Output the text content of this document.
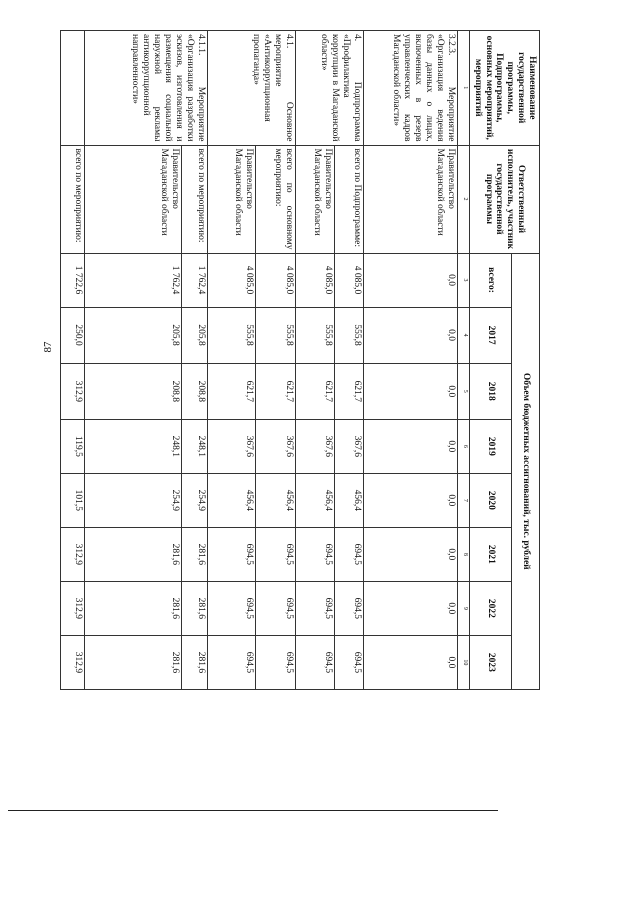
87
Наименование государственной программы, Подпрограммы, основных мероприятий, мероприятий	Ответственный исполнитель, участник государственной программы	Объем бюджетных ассигнований, тыс. рублей							
		всего:	2017	2018	2019	2020	2021	2022	2023
1	2	3	4	5	6	7	8	9	10
3.2.3. Мероприятие «Организация ведения базы данных о лицах, включенных в резерв управленческих кадров Магаданской области»	Правительство Магаданской области	0,0	0,0	0,0	0,0	0,0	0,0	0,0	0,0
4. Подпрограмма «Профилактика коррупции в Магаданской области»	всего по Подпрограмме:	4 085,0	555,8	621,7	367,6	456,4	694,5	694,5	694,5
	Правительство Магаданской области	4 085,0	555,8	621,7	367,6	456,4	694,5	694,5	694,5
4.1. Основное мероприятие «Антикоррупционная пропаганда»	всего по основному мероприятию:	4 085,0	555,8	621,7	367,6	456,4	694,5	694,5	694,5
	Правительство Магаданской области	4 085,0	555,8	621,7	367,6	456,4	694,5	694,5	694,5
4.1.1. Мероприятие «Организация разработки эскизов, изготовления и размещения социальной наружной рекламы антикоррупционной направленности»	всего по мероприятию:	1 762,4	205,8	208,8	248,1	254,9	281,6	281,6	281,6
	Правительство Магаданской области	1 762,4	205,8	208,8	248,1	254,9	281,6	281,6	281,6
	всего по мероприятию:	1 722,6	250,0	312,9	119,5	101,5	312,9	312,9	312,9
